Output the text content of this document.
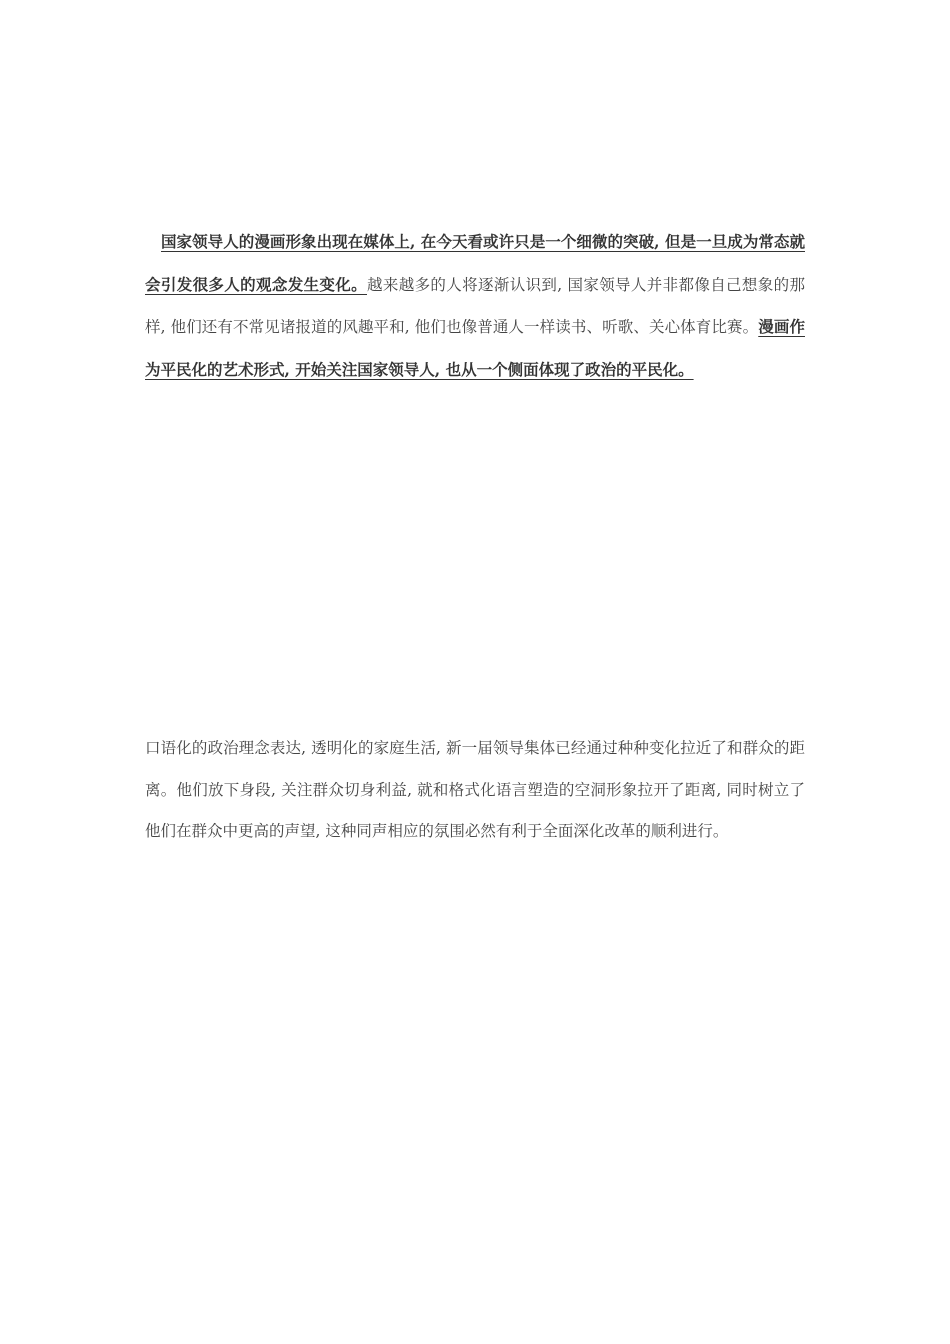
国家领导人的漫画形象出现在媒体上, 在今天看或许只是一个细微的突破, 但是一旦成为常态就会引发很多人的观念发生变化。越来越多的人将逐渐认识到, 国家领导人并非都像自己想象的那样, 他们还有不常见诸报道的风趣平和, 他们也像普通人一样读书、听歌、关心体育比赛。漫画作为平民化的艺术形式, 开始关注国家领导人, 也从一个侧面体现了政治的平民化。

口语化的政治理念表达, 透明化的家庭生活, 新一届领导集体已经通过种种变化拉近了和群众的距离。他们放下身段, 关注群众切身利益, 就和格式化语言塑造的空洞形象拉开了距离, 同时树立了他们在群众中更高的声望, 这种同声相应的氛围必然有利于全面深化改革的顺利进行。
